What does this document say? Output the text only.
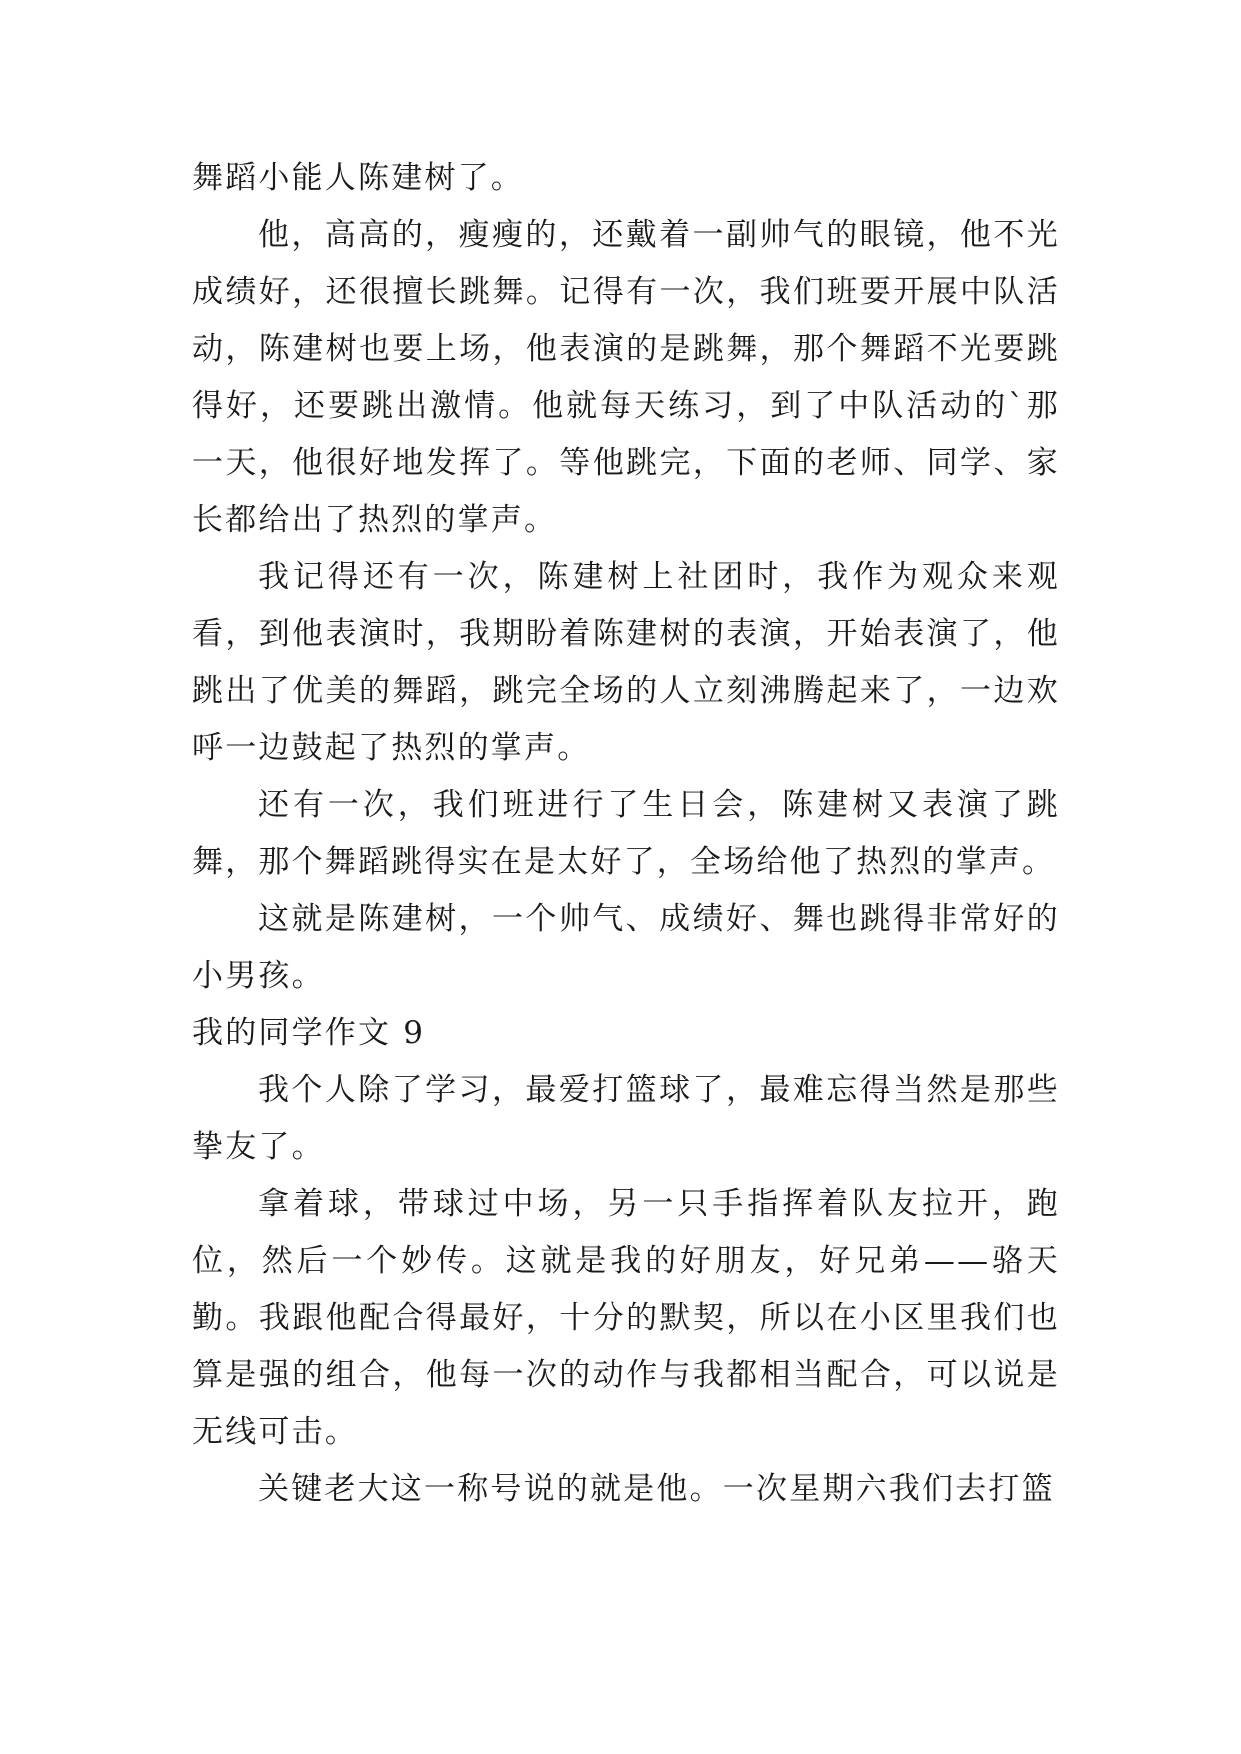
舞蹈小能人陈建树了。

他，高高的，瘦瘦的，还戴着一副帅气的眼镜，他不光成绩好，还很擅长跳舞。记得有一次，我们班要开展中队活动，陈建树也要上场，他表演的是跳舞，那个舞蹈不光要跳得好，还要跳出激情。他就每天练习，到了中队活动的`那一天，他很好地发挥了。等他跳完，下面的老师、同学、家长都给出了热烈的掌声。

我记得还有一次，陈建树上社团时，我作为观众来观看，到他表演时，我期盼着陈建树的表演，开始表演了，他跳出了优美的舞蹈，跳完全场的人立刻沸腾起来了，一边欢呼一边鼓起了热烈的掌声。

还有一次，我们班进行了生日会，陈建树又表演了跳舞，那个舞蹈跳得实在是太好了，全场给他了热烈的掌声。

这就是陈建树，一个帅气、成绩好、舞也跳得非常好的小男孩。

我的同学作文 9

我个人除了学习，最爱打篮球了，最难忘得当然是那些挚友了。

拿着球，带球过中场，另一只手指挥着队友拉开，跑位，然后一个妙传。这就是我的好朋友，好兄弟——骆天勤。我跟他配合得最好，十分的默契，所以在小区里我们也算是强的组合，他每一次的动作与我都相当配合，可以说是无线可击。

关键老大这一称号说的就是他。一次星期六我们去打篮
